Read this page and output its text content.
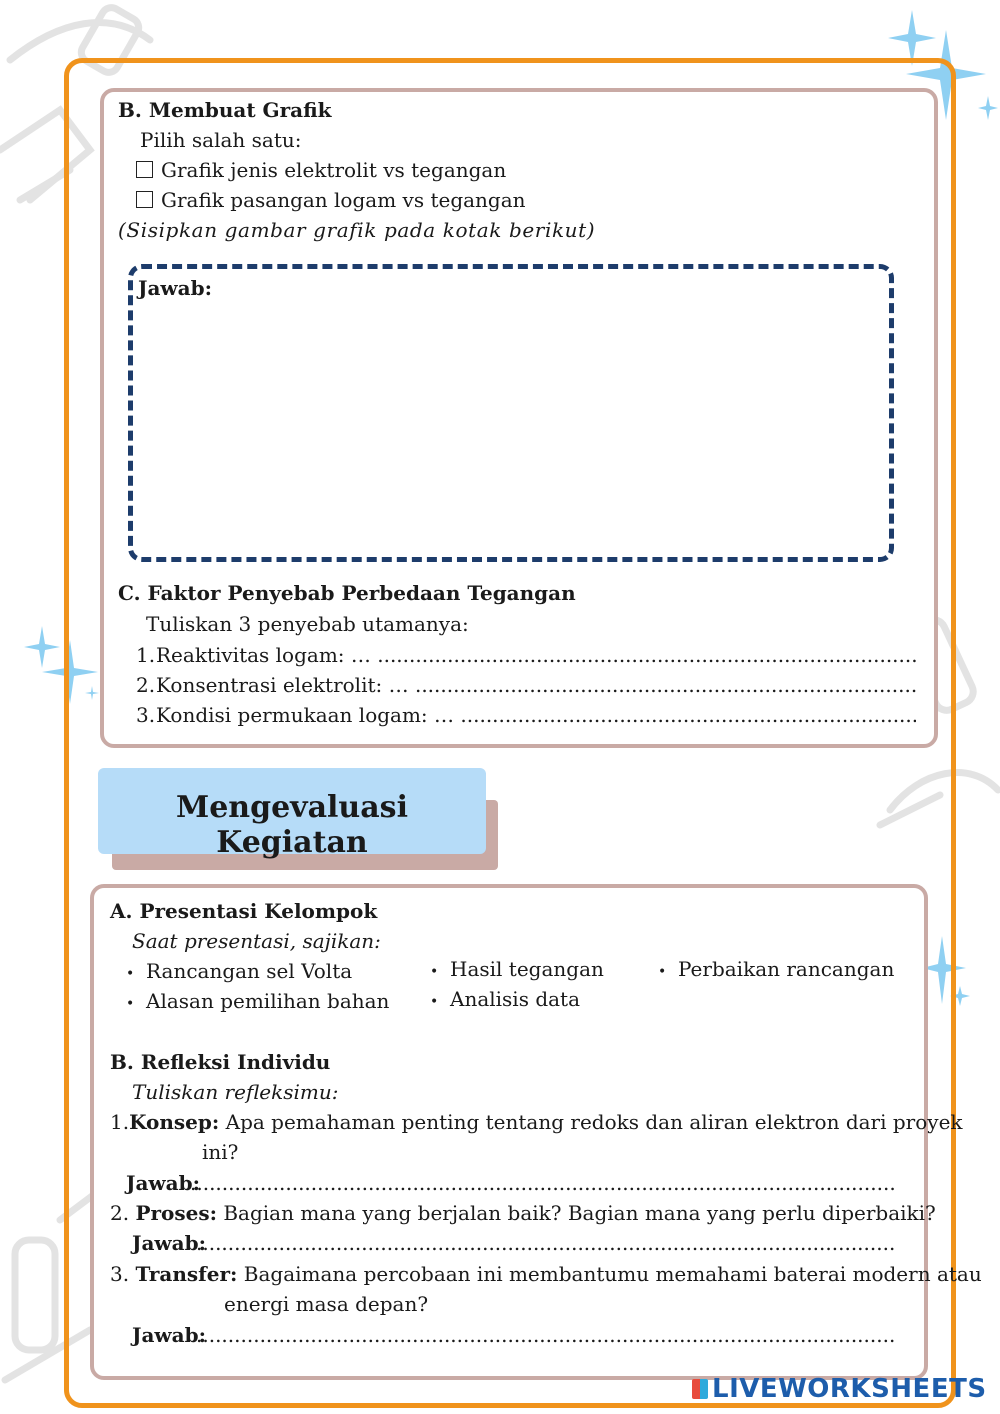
B. Membuat Grafik
Pilih salah satu:
Grafik jenis elektrolit vs tegangan
Grafik pasangan logam vs tegangan
(Sisipkan gambar grafik pada kotak berikut)
Jawab:
C. Faktor Penyebab Perbedaan Tegangan
Tuliskan 3 penyebab utamanya:
1. Reaktivitas logam: … .....
2. Konsentrasi elektrolit: … .....
3. Kondisi permukaan logam: … .....
Mengevaluasi Kegiatan
A. Presentasi Kelompok
Saat presentasi, sajikan:
• Rancangan sel Volta
• Alasan pemilihan bahan
• Hasil tegangan
• Analisis data
• Perbaikan rancangan
B. Refleksi Individu
Tuliskan refleksimu:
1.Konsep: Apa pemahaman penting tentang redoks dan aliran elektron dari proyek
ini?
Jawab:
.....
2. Proses: Bagian mana yang berjalan baik? Bagian mana yang perlu diperbaiki?
Jawab:
.....
3. Transfer: Bagaimana percobaan ini membantumu memahami baterai modern atau
energi masa depan?
Jawab:
.....
LIVEWORKSHEETS
